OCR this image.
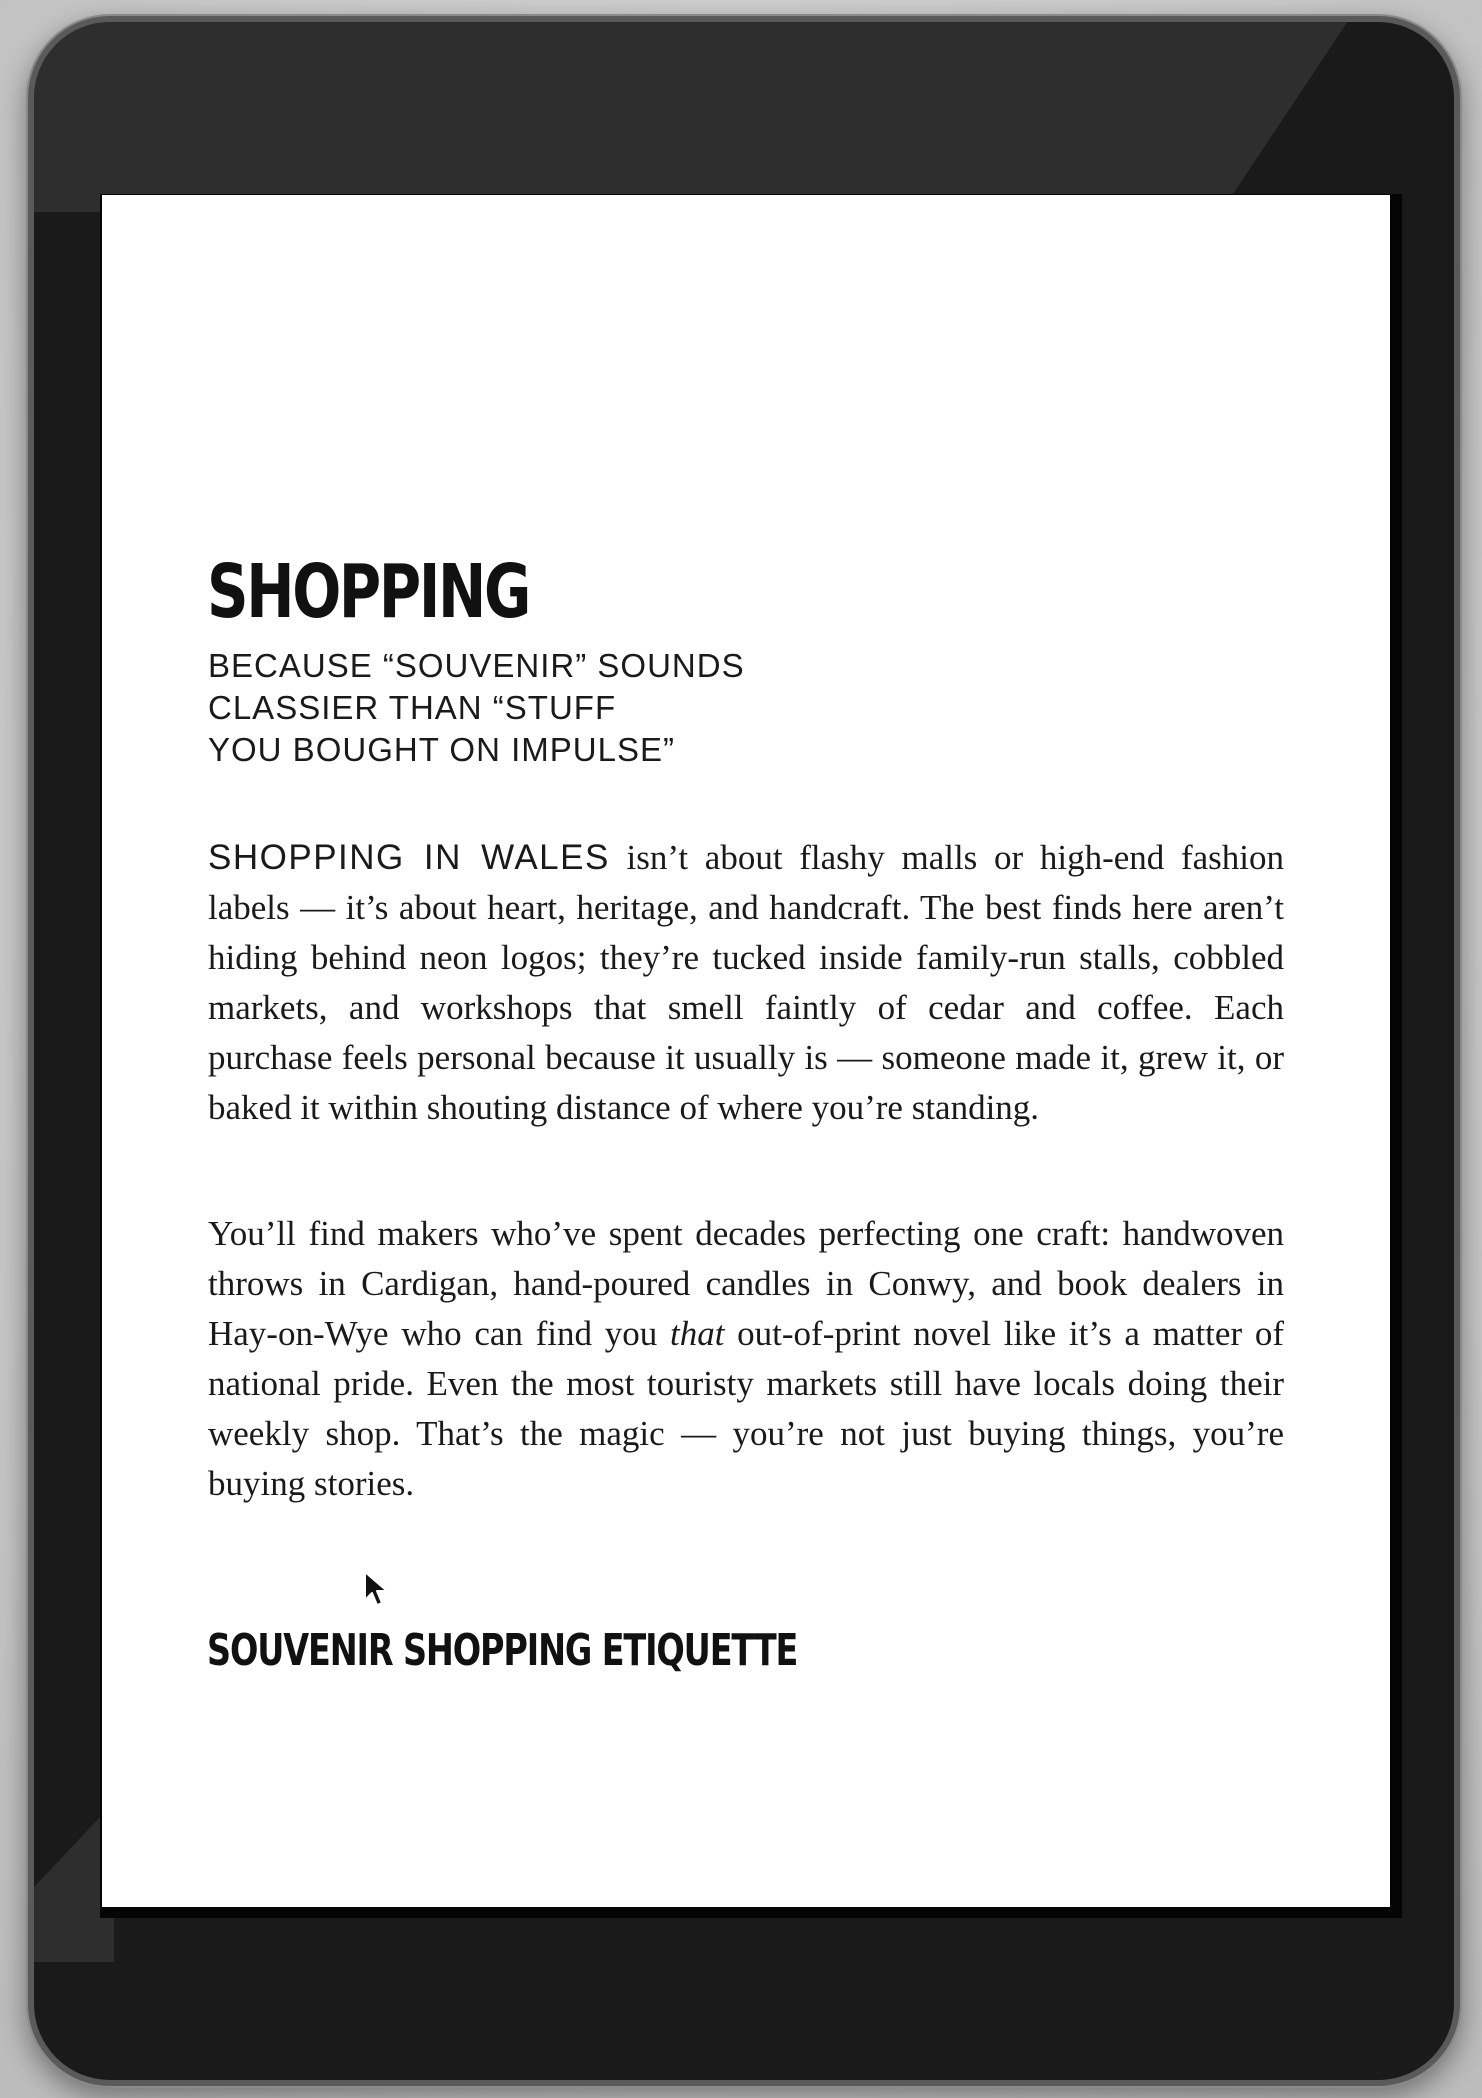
SHOPPING
BECAUSE “SOUVENIR” SOUNDS
CLASSIER THAN “STUFF
YOU BOUGHT ON IMPULSE”

SHOPPING IN WALES isn’t about flashy malls or high-end fashion labels — it’s about heart, heritage, and handcraft. The best finds here aren’t hiding behind neon logos; they’re tucked inside family-run stalls, cobbled markets, and workshops that smell faintly of cedar and coffee. Each purchase feels personal because it usually is — someone made it, grew it, or baked it within shouting distance of where you’re standing.

You’ll find makers who’ve spent decades perfecting one craft: handwoven throws in Cardigan, hand-poured candles in Conwy, and book dealers in Hay-on-Wye who can find you that out-of-print novel like it’s a matter of national pride. Even the most touristy markets still have locals doing their weekly shop. That’s the magic — you’re not just buying things, you’re buying stories.

SOUVENIR SHOPPING ETIQUETTE
